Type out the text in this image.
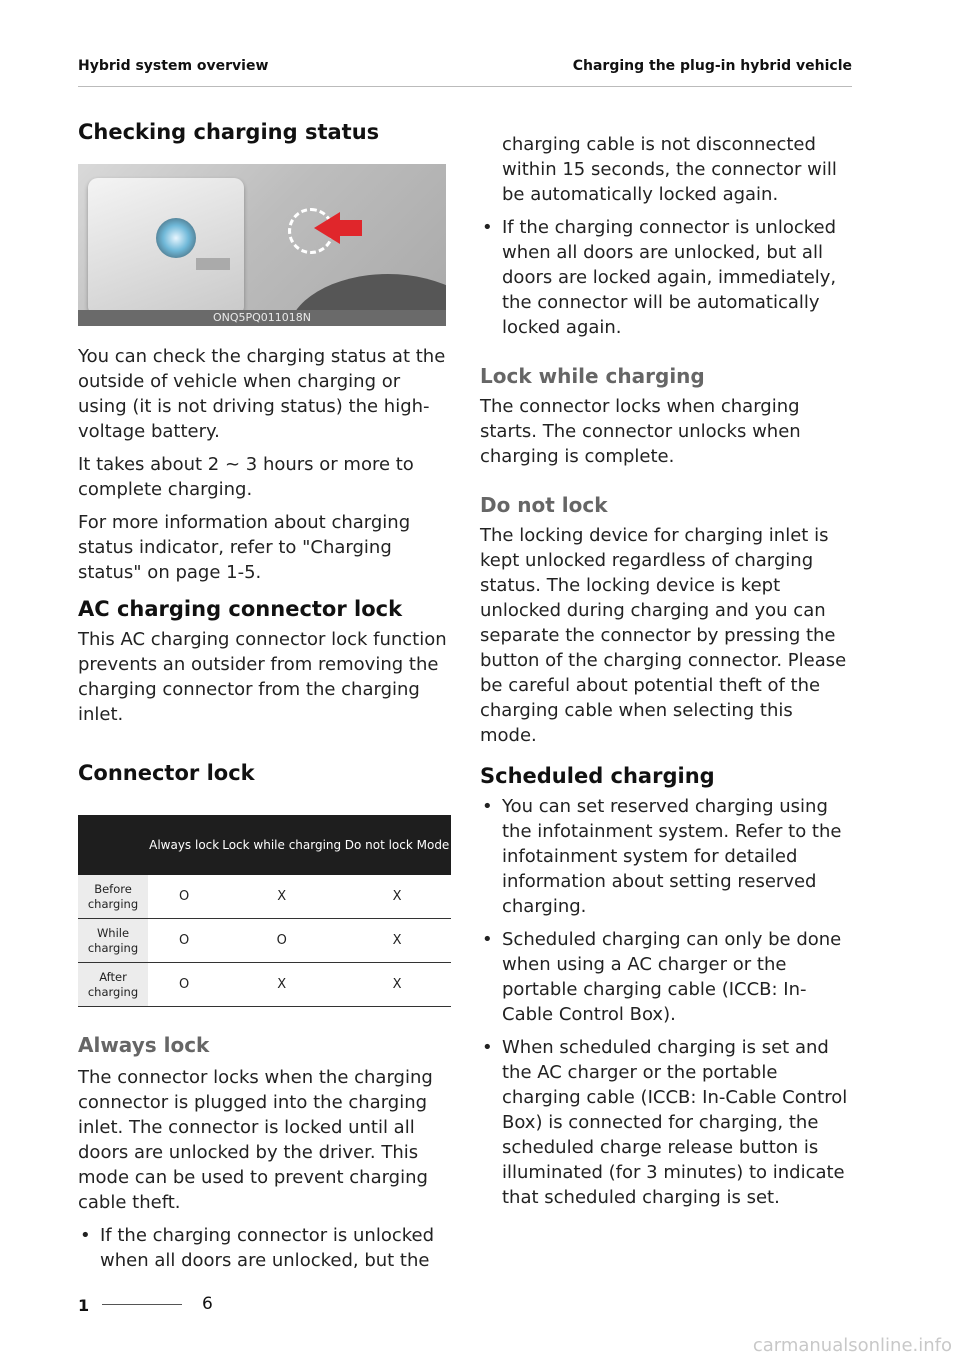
Hybrid system overview	Charging the plug-in hybrid vehicle
Checking charging status
ONQ5PQ011018N

You can check the charging status at the outside of vehicle when charging or using (it is not driving status) the high-voltage battery.

It takes about 2 ~ 3 hours or more to complete charging.

For more information about charging status indicator, refer to "Charging status" on page 1-5.

AC charging connector lock

This AC charging connector lock function prevents an outsider from removing the charging connector from the charging inlet.

Connector lock
	Always lock	Lock while charging	Do not lock Mode
Before charging	O	X	X
While charging	O	O	X
After charging	O	X	X
Always lock

The connector locks when the charging connector is plugged into the charging inlet. The connector is locked until all doors are unlocked by the driver. This mode can be used to prevent charging cable theft.

• If the charging connector is unlocked when all doors are unlocked, but the
charging cable is not disconnected within 15 seconds, the connector will be automatically locked again.
• If the charging connector is unlocked when all doors are unlocked, but all doors are locked again, immediately, the connector will be automatically locked again.
Lock while charging

The connector locks when charging starts. The connector unlocks when charging is complete.

Do not lock

The locking device for charging inlet is kept unlocked regardless of charging status. The locking device is kept unlocked during charging and you can separate the connector by pressing the button of the charging connector. Please be careful about potential theft of the charging cable when selecting this mode.

Scheduled charging
• You can set reserved charging using the infotainment system. Refer to the infotainment system for detailed information about setting reserved charging.
• Scheduled charging can only be done when using a AC charger or the portable charging cable (ICCB: In-Cable Control Box).
• When scheduled charging is set and the AC charger or the portable charging cable (ICCB: In-Cable Control Box) is connected for charging, the scheduled charge release button is illuminated (for 3 minutes) to indicate that scheduled charging is set.
1	6
carmanualsonline.info
